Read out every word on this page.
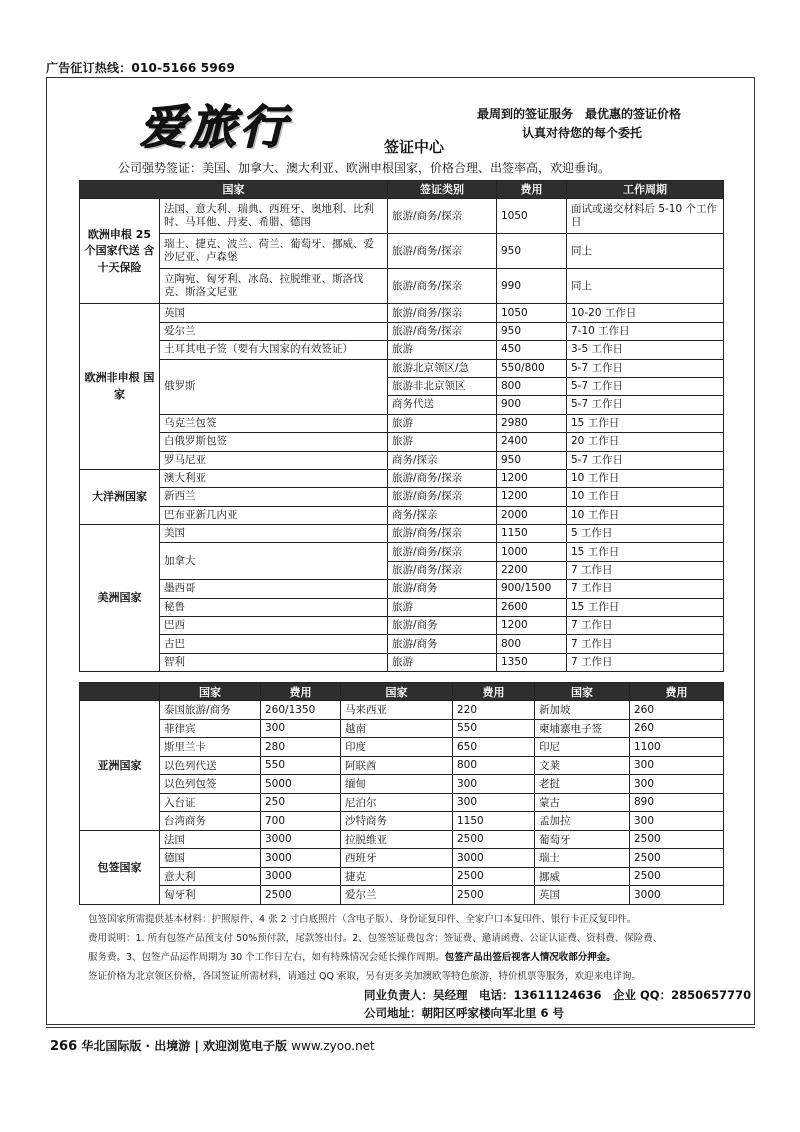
广告征订热线：010-5166 5969
爱旅行	签证中心
最周到的签证服务　最优惠的签证价格
认真对待您的每个委托
公司强势签证：美国、加拿大、澳大利亚、欧洲申根国家，价格合理、出签率高，欢迎垂询。
国家		签证类别	费用	工作周期
欧洲申根 25 个国家代送 含十天保险	法国、意大利、瑞典、西班牙、奥地利、比利时、马耳他、丹麦、希腊、德国	旅游/商务/探亲	1050	面试或递交材料后 5-10 个工作日
	瑞士、捷克、波兰、荷兰、葡萄牙、挪威、爱沙尼亚、卢森堡	旅游/商务/探亲	950	同上
	立陶宛、匈牙利、冰岛、拉脱维亚、斯洛伐克、斯洛文尼亚	旅游/商务/探亲	990	同上
欧洲非申根 国家	英国	旅游/商务/探亲	1050	10-20 工作日
	爱尔兰	旅游/商务/探亲	950	7-10 工作日
	土耳其电子签（要有大国家的有效签证）	旅游	450	3-5 工作日
	俄罗斯	旅游北京领区/急	550/800	5-7 工作日
		旅游非北京领区	800	5-7 工作日
		商务代送	900	5-7 工作日
	乌克兰包签	旅游	2980	15 工作日
	白俄罗斯包签	旅游	2400	20 工作日
	罗马尼亚	商务/探亲	950	5-7 工作日
大洋洲国家	澳大利亚	旅游/商务/探亲	1200	10 工作日
	新西兰	旅游/商务/探亲	1200	10 工作日
	巴布亚新几内亚	商务/探亲	2000	10 工作日
美洲国家	美国	旅游/商务/探亲	1150	5 工作日
	加拿大	旅游/商务/探亲	1000	15 工作日
		旅游/商务/探亲	2200	7 工作日
	墨西哥	旅游/商务	900/1500	7 工作日
	秘鲁	旅游	2600	15 工作日
	巴西	旅游/商务	1200	7 工作日
	古巴	旅游/商务	800	7 工作日
	智利	旅游	1350	7 工作日
	国家	费用	国家	费用	国家	费用
亚洲国家	泰国旅游/商务	260/1350	马来西亚	220	新加坡	260
	菲律宾	300	越南	550	柬埔寨电子签	260
	斯里兰卡	280	印度	650	印尼	1100
	以色列代送	550	阿联酋	800	文莱	300
	以色列包签	5000	缅甸	300	老挝	300
	入台证	250	尼泊尔	300	蒙古	890
	台湾商务	700	沙特商务	1150	孟加拉	300
包签国家	法国	3000	拉脱维亚	2500	葡萄牙	2500
	德国	3000	西班牙	3000	瑞士	2500
	意大利	3000	捷克	2500	挪威	2500
	匈牙利	2500	爱尔兰	2500	英国	3000
包签国家所需提供基本材料：护照原件、4 张 2 寸白底照片（含电子版）、身份证复印件、全家户口本复印件、银行卡正反复印件。
费用说明：1. 所有包签产品预支付 50%预付款，尾款签出付。2、包签签证费包含：签证费、邀请函费、公证认证费、资料费、保险费、
服务费。3、包签产品运作周期为 30 个工作日左右，如有特殊情况会延长操作周期。包签产品出签后视客人情况收部分押金。
签证价格为北京领区价格，各国签证所需材料，请通过 QQ 索取，另有更多美加澳欧等特色旅游，特价机票等服务，欢迎来电详询。
同业负责人：吴经理　电话：13611124636　企业 QQ：2850657770
公司地址：朝阳区呼家楼向军北里 6 号
266 华北国际版 · 出境游 | 欢迎浏览电子版 www.zyoo.net
